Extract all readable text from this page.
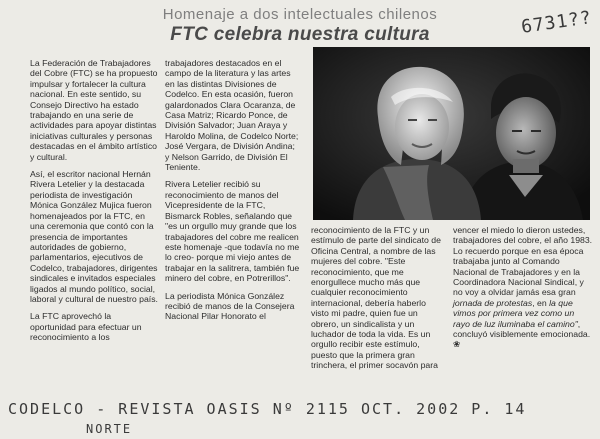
Homenaje a dos intelectuales chilenos
FTC celebra nuestra cultura	6731??

La Federación de Trabajadores del Cobre (FTC) se ha propuesto impulsar y fortalecer la cultura nacional. En este sentido, su Consejo Directivo ha estado trabajando en una serie de actividades para apoyar distintas iniciativas culturales y personas destacadas en el ámbito artístico y cultural.

Así, el escritor nacional Hernán Rivera Letelier y la destacada periodista de investigación Mónica González Mujica fueron homenajeados por la FTC, en una ceremonia que contó con la presencia de importantes autoridades de gobierno, parlamentarios, ejecutivos de Codelco, trabajadores, dirigentes sindicales e invitados especiales ligados al mundo político, social, laboral y cultural de nuestro país.

La FTC aprovechó la oportunidad para efectuar un reconocimiento a los

trabajadores destacados en el campo de la literatura y las artes en las distintas Divisiones de Codelco. En esta ocasión, fueron galardonados Clara Ocaranza, de Casa Matriz; Ricardo Ponce, de División Salvador; Juan Araya y Haroldo Molina, de Codelco Norte; José Vergara, de División Andina; y Nelson Garrido, de División El Teniente.

Rivera Letelier recibió su reconocimiento de manos del Vicepresidente de la FTC, Bismarck Robles, señalando que "es un orgullo muy grande que los trabajadores del cobre me realicen este homenaje -que todavía no me lo creo- porque mi viejo antes de trabajar en la salitrera, también fue minero del cobre, en Potrerillos".

La periodista Mónica González recibió de manos de la Consejera Nacional Pilar Honorato el

reconocimiento de la FTC y un estímulo de parte del sindicato de Oficina Central, a nombre de las mujeres del cobre. "Este reconocimiento, que me enorgullece mucho más que cualquier reconocimiento internacional, debería haberlo visto mi padre, quien fue un obrero, un sindicalista y un luchador de toda la vida. Es un orgullo recibir este estímulo, puesto que la primera gran trinchera, el primer socavón para

vencer el miedo lo dieron ustedes, trabajadores del cobre, el año 1983. Lo recuerdo porque en esa época trabajaba junto al Comando Nacional de Trabajadores y en la Coordinadora Nacional Sindical, y no voy a olvidar jamás esa gran jornada de protestas, en la que vimos por primera vez como un rayo de luz iluminaba el camino", concluyó visiblemente emocionada. ❀

CODELCO - REVISTA OASIS Nº 2115 OCT. 2002 P. 14
NORTE
